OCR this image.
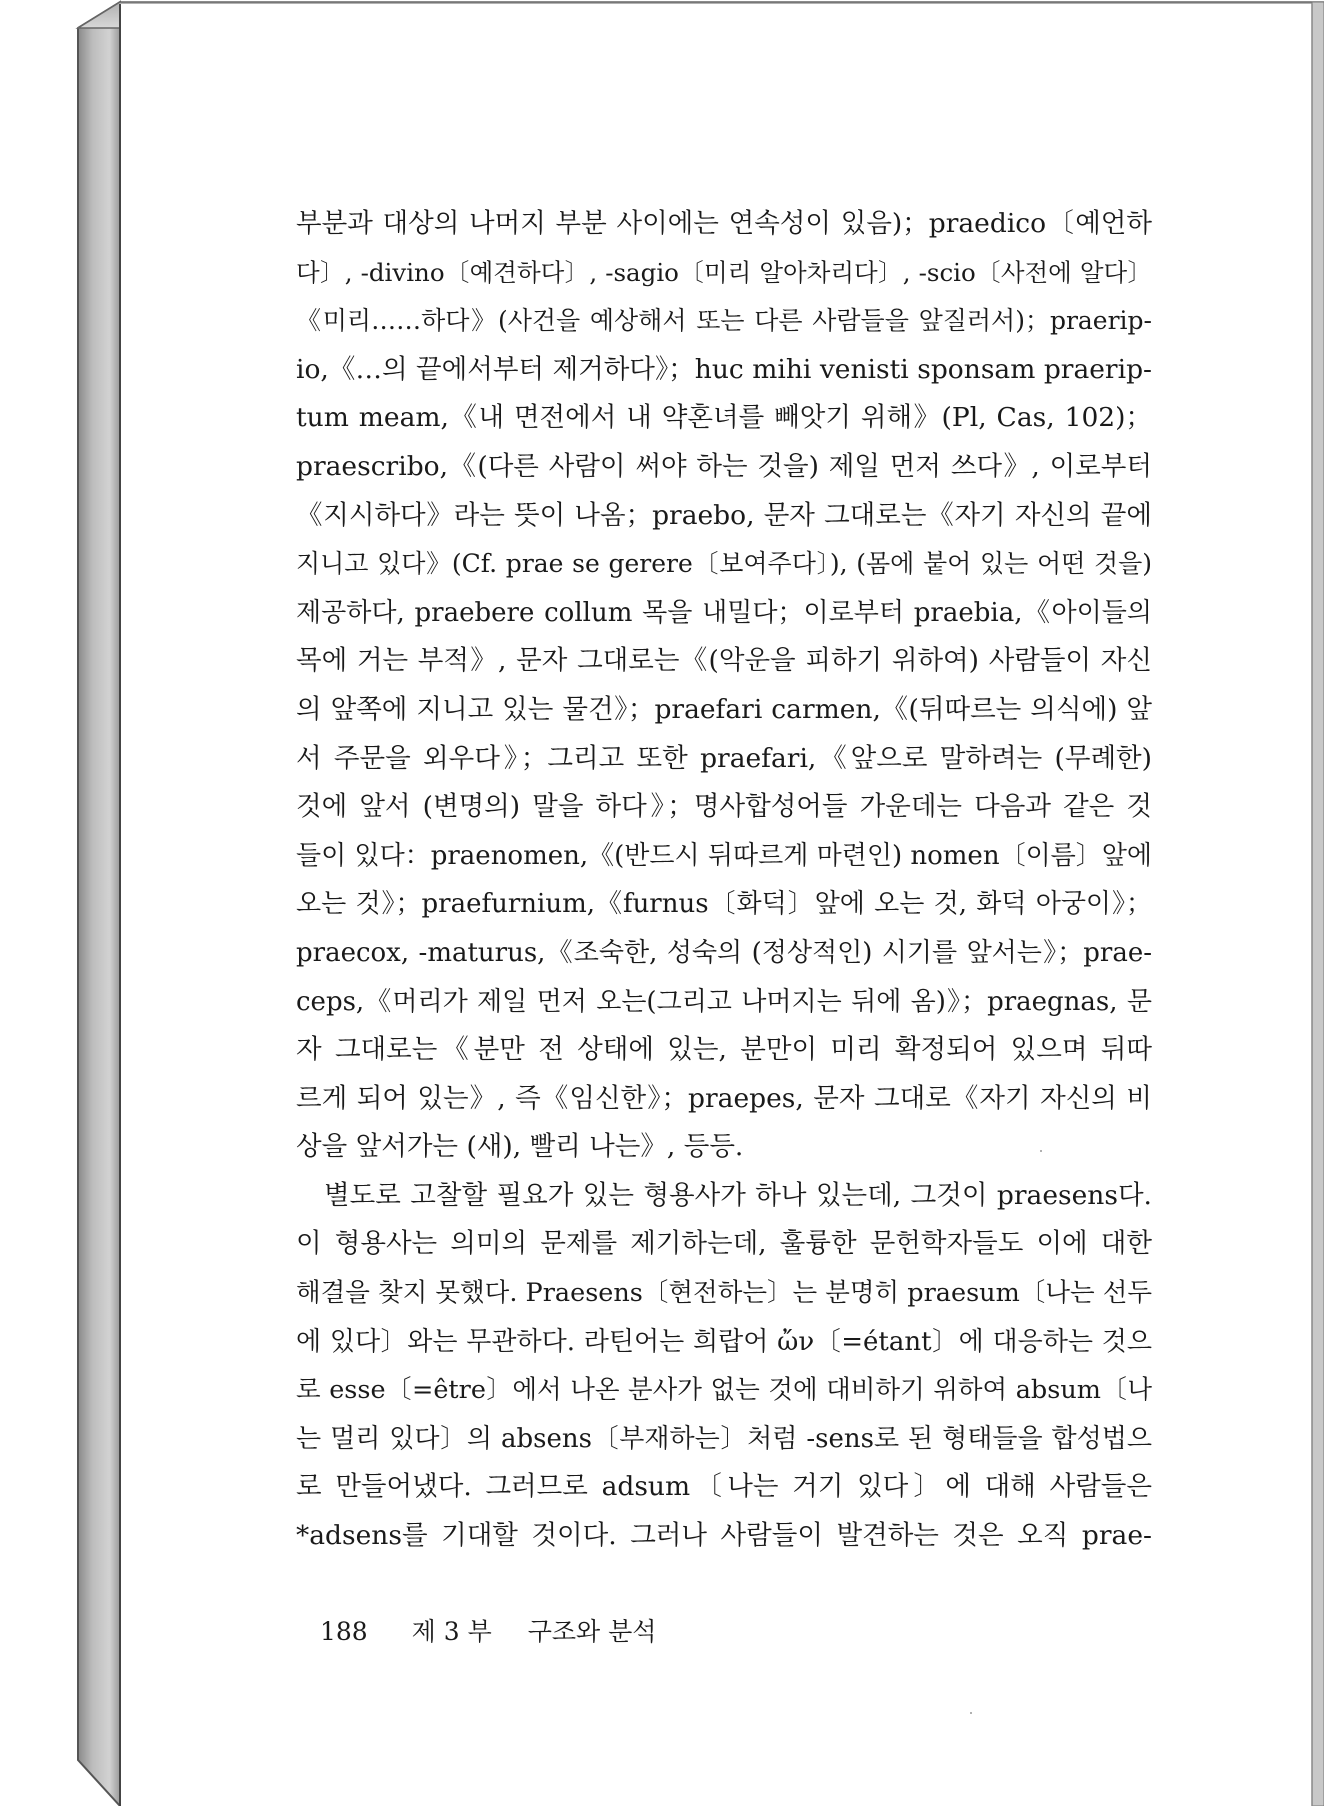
부분과 대상의 나머지 부분 사이에는 연속성이 있음)；praedico〔예언하
다〕, -divino〔예견하다〕, -sagio〔미리 알아차리다〕, -scio〔사전에 알다〕
《미리……하다》(사건을 예상해서 또는 다른 사람들을 앞질러서)；praerip-
io,《…의 끝에서부터 제거하다》；huc mihi venisti sponsam praerip-
tum meam,《내 면전에서 내 약혼녀를 빼앗기 위해》(Pl, Cas, 102)；
praescribo,《(다른 사람이 써야 하는 것을) 제일 먼저 쓰다》, 이로부터
《지시하다》라는 뜻이 나옴；praebo, 문자 그대로는《자기 자신의 끝에
지니고 있다》(Cf. prae se gerere〔보여주다〕), (몸에 붙어 있는 어떤 것을)
제공하다, praebere collum 목을 내밀다；이로부터 praebia,《아이들의
목에 거는 부적》, 문자 그대로는《(악운을 피하기 위하여) 사람들이 자신
의 앞쪽에 지니고 있는 물건》；praefari carmen,《(뒤따르는 의식에) 앞
서 주문을 외우다》；그리고 또한 praefari,《앞으로 말하려는 (무례한)
것에 앞서 (변명의) 말을 하다》；명사합성어들 가운데는 다음과 같은 것
들이 있다：praenomen,《(반드시 뒤따르게 마련인) nomen〔이름〕앞에
오는 것》；praefurnium,《furnus〔화덕〕앞에 오는 것, 화덕 아궁이》；
praecox, -maturus,《조숙한, 성숙의 (정상적인) 시기를 앞서는》；prae-
ceps,《머리가 제일 먼저 오는(그리고 나머지는 뒤에 옴)》；praegnas, 문
자 그대로는《분만 전 상태에 있는, 분만이 미리 확정되어 있으며 뒤따
르게 되어 있는》, 즉《임신한》；praepes, 문자 그대로《자기 자신의 비
상을 앞서가는 (새), 빨리 나는》, 등등.
별도로 고찰할 필요가 있는 형용사가 하나 있는데, 그것이 praesens다.
이 형용사는 의미의 문제를 제기하는데, 훌륭한 문헌학자들도 이에 대한
해결을 찾지 못했다. Praesens〔현전하는〕는 분명히 praesum〔나는 선두
에 있다〕와는 무관하다. 라틴어는 희랍어 ὤν〔=étant〕에 대응하는 것으
로 esse〔=être〕에서 나온 분사가 없는 것에 대비하기 위하여 absum〔나
는 멀리 있다〕의 absens〔부재하는〕처럼 -sens로 된 형태들을 합성법으
로 만들어냈다. 그러므로 adsum〔나는 거기 있다〕에 대해 사람들은
*adsens를 기대할 것이다. 그러나 사람들이 발견하는 것은 오직 prae-
188 제 3 부 구조와 분석
